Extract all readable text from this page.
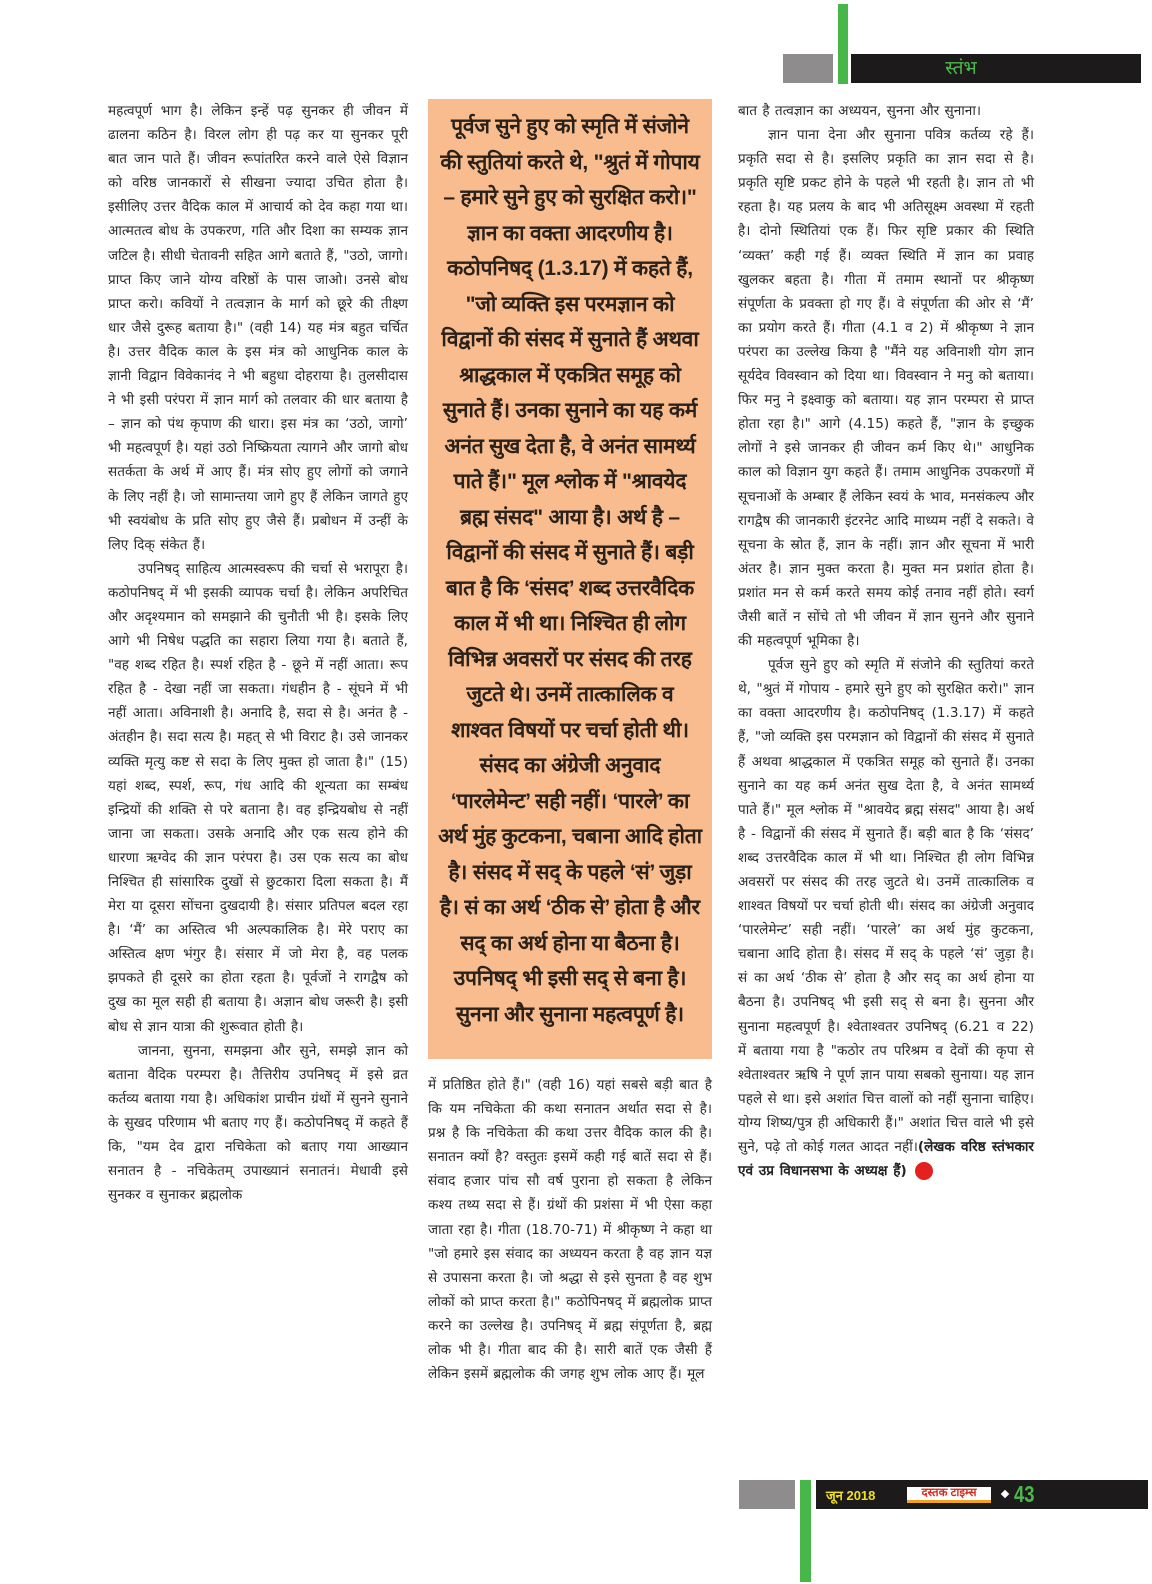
स्तंभ

महत्वपूर्ण भाग है। लेकिन इन्हें पढ़ सुनकर ही जीवन में ढालना कठिन है। विरल लोग ही पढ़ कर या सुनकर पूरी बात जान पाते हैं। जीवन रूपांतरित करने वाले ऐसे विज्ञान को वरिष्ठ जानकारों से सीखना ज्यादा उचित होता है। इसीलिए उत्तर वैदिक काल में आचार्य को देव कहा गया था। आत्मतत्व बोध के उपकरण, गति और दिशा का सम्यक ज्ञान जटिल है। सीधी चेतावनी सहित आगे बताते हैं, "उठो, जागो। प्राप्त किए जाने योग्य वरिष्ठों के पास जाओ। उनसे बोध प्राप्त करो। कवियों ने तत्वज्ञान के मार्ग को छूरे की तीक्ष्ण धार जैसे दुरूह बताया है।" (वही 14) यह मंत्र बहुत चर्चित है। उत्तर वैदिक काल के इस मंत्र को आधुनिक काल के ज्ञानी विद्वान विवेकानंद ने भी बहुधा दोहराया है। तुलसीदास ने भी इसी परंपरा में ज्ञान मार्ग को तलवार की धार बताया है – ज्ञान को पंथ कृपाण की धारा। इस मंत्र का ‘उठो, जागो’ भी महत्वपूर्ण है। यहां उठो निष्क्रियता त्यागने और जागो बोध सतर्कता के अर्थ में आए हैं। मंत्र सोए हुए लोगों को जगाने के लिए नहीं है। जो सामान्तया जागे हुए हैं लेकिन जागते हुए भी स्वयंबोध के प्रति सोए हुए जैसे हैं। प्रबोधन में उन्हीं के लिए दिक् संकेत हैं।

उपनिषद् साहित्य आत्मस्वरूप की चर्चा से भरापूरा है। कठोपनिषद् में भी इसकी व्यापक चर्चा है। लेकिन अपरिचित और अदृश्यमान को समझाने की चुनौती भी है। इसके लिए आगे भी निषेध पद्धति का सहारा लिया गया है। बताते हैं, "वह शब्द रहित है। स्पर्श रहित है - छूने में नहीं आता। रूप रहित है - देखा नहीं जा सकता। गंधहीन है - सूंघने में भी नहीं आता। अविनाशी है। अनादि है, सदा से है। अनंत है - अंतहीन है। सदा सत्य है। महत् से भी विराट है। उसे जानकर व्यक्ति मृत्यु कष्ट से सदा के लिए मुक्त हो जाता है।" (15) यहां शब्द, स्पर्श, रूप, गंध आदि की शून्यता का सम्बंध इन्द्रियों की शक्ति से परे बताना है। वह इन्द्रियबोध से नहीं जाना जा सकता। उसके अनादि और एक सत्य होने की धारणा ऋग्वेद की ज्ञान परंपरा है। उस एक सत्य का बोध निश्चित ही सांसारिक दुखों से छुटकारा दिला सकता है। मैं मेरा या दूसरा सोंचना दुखदायी है। संसार प्रतिपल बदल रहा है। ‘मैं’ का अस्तित्व भी अल्पकालिक है। मेरे पराए का अस्तित्व क्षण भंगुर है। संसार में जो मेरा है, वह पलक झपकते ही दूसरे का होता रहता है। पूर्वजों ने रागद्वैष को दुख का मूल सही ही बताया है। अज्ञान बोध जरूरी है। इसी बोध से ज्ञान यात्रा की शुरूवात होती है।

जानना, सुनना, समझना और सुने, समझे ज्ञान को बताना वैदिक परम्परा है। तैत्तिरीय उपनिषद् में इसे व्रत कर्तव्य बताया गया है। अधिकांश प्राचीन ग्रंथों में सुनने सुनाने के सुखद परिणाम भी बताए गए हैं। कठोपनिषद् में कहते हैं कि, "यम देव द्वारा नचिकेता को बताए गया आख्यान सनातन है - नचिकेतम् उपाख्यानं सनातनं। मेधावी इसे सुनकर व सुनाकर ब्रह्मलोक

पूर्वज सुने हुए को स्मृति में संजोने की स्तुतियां करते थे, "श्रुतं में गोपाय – हमारे सुने हुए को सुरक्षित करो।" ज्ञान का वक्ता आदरणीय है। कठोपनिषद् (1.3.17) में कहते हैं, "जो व्यक्ति इस परमज्ञान को विद्वानों की संसद में सुनाते हैं अथवा श्राद्धकाल में एकत्रित समूह को सुनाते हैं। उनका सुनाने का यह कर्म अनंत सुख देता है, वे अनंत सामर्थ्य पाते हैं।" मूल श्लोक में "श्रावयेद ब्रह्म संसद" आया है। अर्थ है – विद्वानों की संसद में सुनाते हैं। बड़ी बात है कि ‘संसद’ शब्द उत्तरवैदिक काल में भी था। निश्चित ही लोग विभिन्न अवसरों पर संसद की तरह जुटते थे। उनमें तात्कालिक व शाश्वत विषयों पर चर्चा होती थी। संसद का अंग्रेजी अनुवाद ‘पारलेमेन्ट’ सही नहीं। ‘पारले’ का अर्थ मुंह कुटकना, चबाना आदि होता है। संसद में सद् के पहले ‘सं’ जुड़ा है। सं का अर्थ ‘ठीक से’ होता है और सद् का अर्थ होना या बैठना है। उपनिषद् भी इसी सद् से बना है। सुनना और सुनाना महत्वपूर्ण है।

में प्रतिष्ठित होते हैं।" (वही 16) यहां सबसे बड़ी बात है कि यम नचिकेता की कथा सनातन अर्थात सदा से है। प्रश्न है कि नचिकेता की कथा उत्तर वैदिक काल की है। सनातन क्यों है? वस्तुतः इसमें कही गई बातें सदा से हैं। संवाद हजार पांच सौ वर्ष पुराना हो सकता है लेकिन कश्य तथ्य सदा से हैं। ग्रंथों की प्रशंसा में भी ऐसा कहा जाता रहा है। गीता (18.70-71) में श्रीकृष्ण ने कहा था "जो हमारे इस संवाद का अध्ययन करता है वह ज्ञान यज्ञ से उपासना करता है। जो श्रद्धा से इसे सुनता है वह शुभ लोकों को प्राप्त करता है।" कठोपिनषद् में ब्रह्मलोक प्राप्त करने का उल्लेख है। उपनिषद् में ब्रह्म संपूर्णता है, ब्रह्म लोक भी है। गीता बाद की है। सारी बातें एक जैसी हैं लेकिन इसमें ब्रह्मलोक की जगह शुभ लोक आए हैं। मूल

बात है तत्वज्ञान का अध्ययन, सुनना और सुनाना।

ज्ञान पाना देना और सुनाना पवित्र कर्तव्य रहे हैं। प्रकृति सदा से है। इसलिए प्रकृति का ज्ञान सदा से है। प्रकृति सृष्टि प्रकट होने के पहले भी रहती है। ज्ञान तो भी रहता है। यह प्रलय के बाद भी अतिसूक्ष्म अवस्था में रहती है। दोनो स्थितियां एक हैं। फिर सृष्टि प्रकार की स्थिति ‘व्यक्त’ कही गई हैं। व्यक्त स्थिति में ज्ञान का प्रवाह खुलकर बहता है। गीता में तमाम स्थानों पर श्रीकृष्ण संपूर्णता के प्रवक्ता हो गए हैं। वे संपूर्णता की ओर से ‘मैं’ का प्रयोग करते हैं। गीता (4.1 व 2) में श्रीकृष्ण ने ज्ञान परंपरा का उल्लेख किया है "मैंने यह अविनाशी योग ज्ञान सूर्यदेव विवस्वान को दिया था। विवस्वान ने मनु को बताया। फिर मनु ने इक्ष्वाकु को बताया। यह ज्ञान परम्परा से प्राप्त होता रहा है।" आगे (4.15) कहते हैं, "ज्ञान के इच्छुक लोगों ने इसे जानकर ही जीवन कर्म किए थे।" आधुनिक काल को विज्ञान युग कहते हैं। तमाम आधुनिक उपकरणों में सूचनाओं के अम्बार हैं लेकिन स्वयं के भाव, मनसंकल्प और रागद्वैष की जानकारी इंटरनेट आदि माध्यम नहीं दे सकते। वे सूचना के स्रोत हैं, ज्ञान के नहीं। ज्ञान और सूचना में भारी अंतर है। ज्ञान मुक्त करता है। मुक्त मन प्रशांत होता है। प्रशांत मन से कर्म करते समय कोई तनाव नहीं होते। स्वर्ग जैसी बातें न सोंचे तो भी जीवन में ज्ञान सुनने और सुनाने की महत्वपूर्ण भूमिका है।

पूर्वज सुने हुए को स्मृति में संजोने की स्तुतियां करते थे, "श्रुतं में गोपाय - हमारे सुने हुए को सुरक्षित करो।" ज्ञान का वक्ता आदरणीय है। कठोपनिषद् (1.3.17) में कहते हैं, "जो व्यक्ति इस परमज्ञान को विद्वानों की संसद में सुनाते हैं अथवा श्राद्धकाल में एकत्रित समूह को सुनाते हैं। उनका सुनाने का यह कर्म अनंत सुख देता है, वे अनंत सामर्थ्य पाते हैं।" मूल श्लोक में "श्रावयेद ब्रह्म संसद" आया है। अर्थ है - विद्वानों की संसद में सुनाते हैं। बड़ी बात है कि ‘संसद’ शब्द उत्तरवैदिक काल में भी था। निश्चित ही लोग विभिन्न अवसरों पर संसद की तरह जुटते थे। उनमें तात्कालिक व शाश्वत विषयों पर चर्चा होती थी। संसद का अंग्रेजी अनुवाद ‘पारलेमेन्ट’ सही नहीं। ‘पारले’ का अर्थ मुंह कुटकना, चबाना आदि होता है। संसद में सद् के पहले ‘सं’ जुड़ा है। सं का अर्थ ‘ठीक से’ होता है और सद् का अर्थ होना या बैठना है। उपनिषद् भी इसी सद् से बना है। सुनना और सुनाना महत्वपूर्ण है। श्वेताश्वतर उपनिषद् (6.21 व 22) में बताया गया है "कठोर तप परिश्रम व देवों की कृपा से श्वेताश्वतर ऋषि ने पूर्ण ज्ञान पाया सबको सुनाया। यह ज्ञान पहले से था। इसे अशांत चित्त वालों को नहीं सुनाना चाहिए। योग्य शिष्य/पुत्र ही अधिकारी हैं।" अशांत चित्त वाले भी इसे सुने, पढ़े तो कोई गलत आदत नहीं।(लेखक वरिष्ठ स्तंभकार एवं उप्र विधानसभा के अध्यक्ष हैं)

जून 2018	दस्तक टाइम्स	43
